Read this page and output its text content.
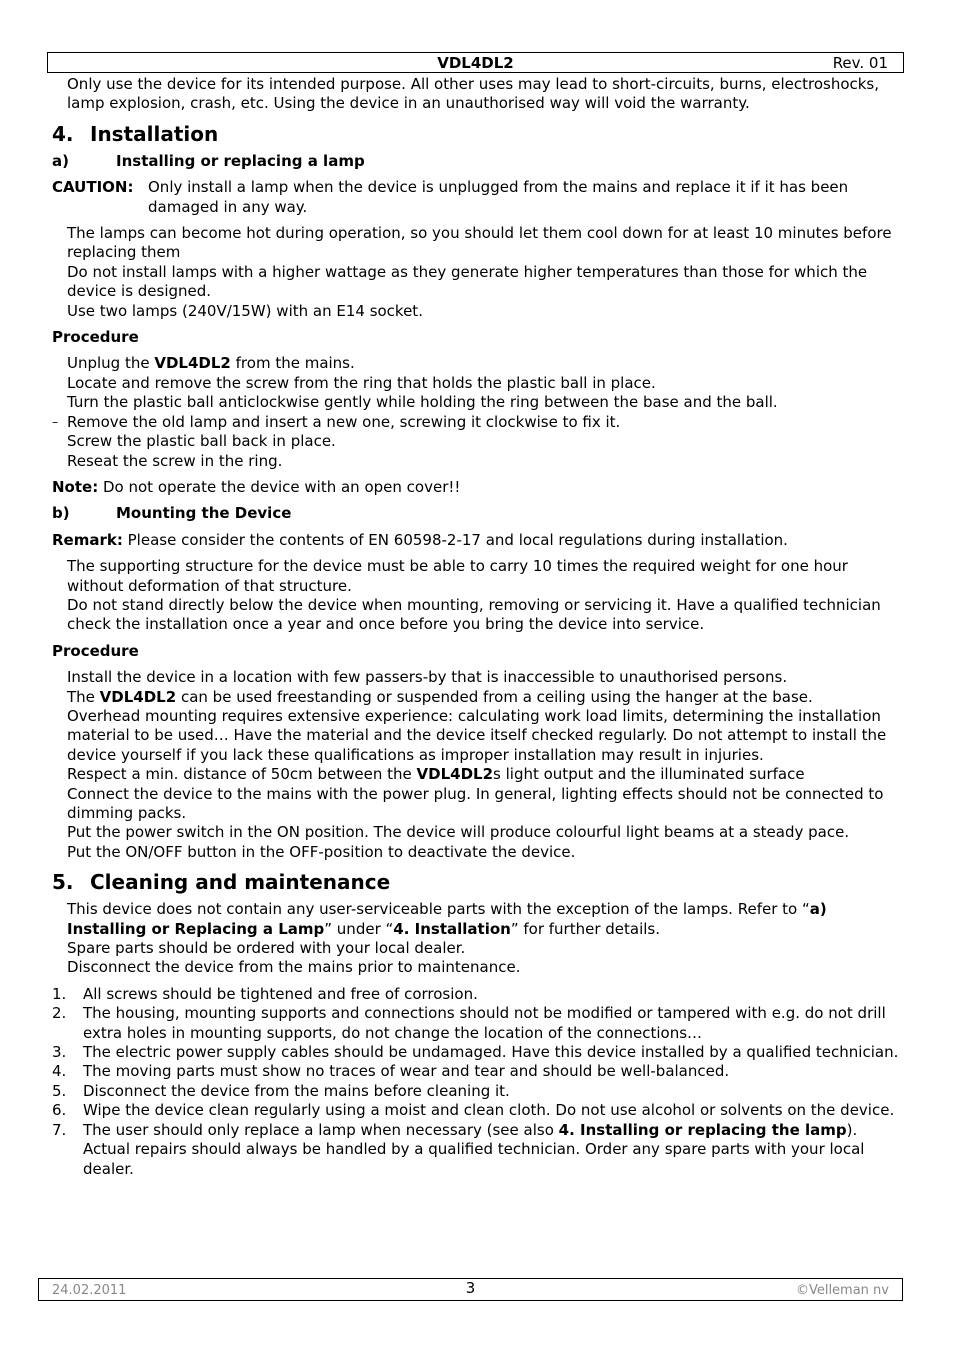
VDL4DL2	Rev. 01
Only use the device for its intended purpose. All other uses may lead to short-circuits, burns, electroshocks, lamp explosion, crash, etc. Using the device in an unauthorised way will void the warranty.
4. Installation
a)	Installing or replacing a lamp
CAUTION: Only install a lamp when the device is unplugged from the mains and replace it if it has been damaged in any way.
The lamps can become hot during operation, so you should let them cool down for at least 10 minutes before replacing them
Do not install lamps with a higher wattage as they generate higher temperatures than those for which the device is designed.
Use two lamps (240V/15W) with an E14 socket.
Procedure
Unplug the VDL4DL2 from the mains.
Locate and remove the screw from the ring that holds the plastic ball in place.
Turn the plastic ball anticlockwise gently while holding the ring between the base and the ball.
– Remove the old lamp and insert a new one, screwing it clockwise to fix it.
Screw the plastic ball back in place.
Reseat the screw in the ring.
Note: Do not operate the device with an open cover!!
b)	Mounting the Device
Remark: Please consider the contents of EN 60598-2-17 and local regulations during installation.
The supporting structure for the device must be able to carry 10 times the required weight for one hour without deformation of that structure.
Do not stand directly below the device when mounting, removing or servicing it. Have a qualified technician check the installation once a year and once before you bring the device into service.
Procedure
Install the device in a location with few passers-by that is inaccessible to unauthorised persons.
The VDL4DL2 can be used freestanding or suspended from a ceiling using the hanger at the base.
Overhead mounting requires extensive experience: calculating work load limits, determining the installation material to be used… Have the material and the device itself checked regularly. Do not attempt to install the device yourself if you lack these qualifications as improper installation may result in injuries.
Respect a min. distance of 50cm between the VDL4DL2s light output and the illuminated surface
Connect the device to the mains with the power plug. In general, lighting effects should not be connected to dimming packs.
Put the power switch in the ON position. The device will produce colourful light beams at a steady pace.
Put the ON/OFF button in the OFF-position to deactivate the device.
5. Cleaning and maintenance
This device does not contain any user-serviceable parts with the exception of the lamps. Refer to “a) Installing or Replacing a Lamp” under “4. Installation” for further details.
Spare parts should be ordered with your local dealer.
Disconnect the device from the mains prior to maintenance.
1. All screws should be tightened and free of corrosion.
2. The housing, mounting supports and connections should not be modified or tampered with e.g. do not drill extra holes in mounting supports, do not change the location of the connections…
3. The electric power supply cables should be undamaged. Have this device installed by a qualified technician.
4. The moving parts must show no traces of wear and tear and should be well-balanced.
5. Disconnect the device from the mains before cleaning it.
6. Wipe the device clean regularly using a moist and clean cloth. Do not use alcohol or solvents on the device.
7. The user should only replace a lamp when necessary (see also 4. Installing or replacing the lamp). Actual repairs should always be handled by a qualified technician. Order any spare parts with your local dealer.
24.02.2011	3	©Velleman nv
